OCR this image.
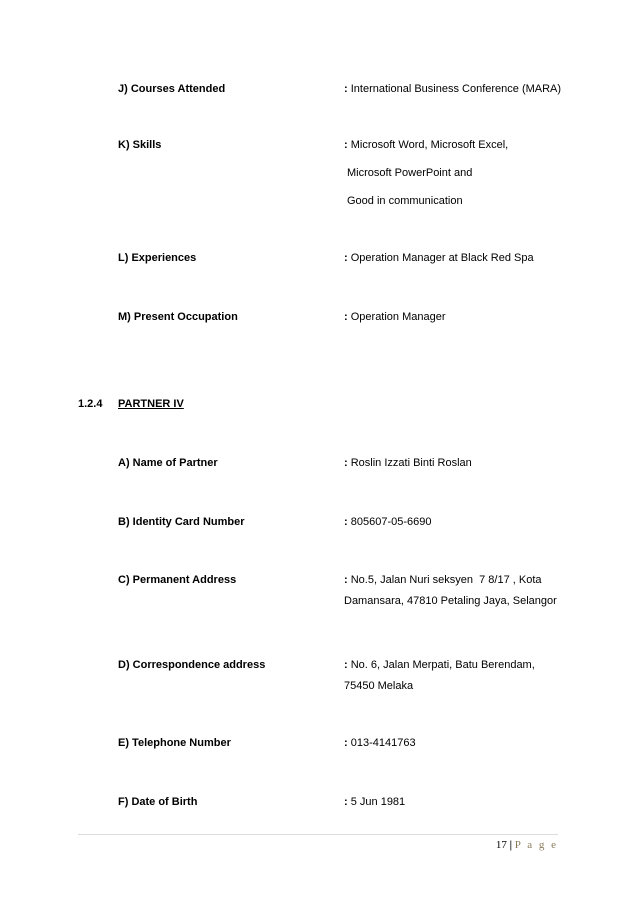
J) Courses Attended	: International Business Conference (MARA)
K) Skills	: Microsoft Word, Microsoft Excel,
Microsoft PowerPoint and
Good in communication
L) Experiences	: Operation Manager at Black Red Spa
M) Present Occupation	: Operation Manager
1.2.4 PARTNER IV
A) Name of Partner	: Roslin Izzati Binti Roslan
B) Identity Card Number	: 805607-05-6690
C) Permanent Address	: No.5, Jalan Nuri seksyen  7 8/17 , Kota
Damansara, 47810 Petaling Jaya, Selangor
D) Correspondence address	: No. 6, Jalan Merpati, Batu Berendam,
75450 Melaka
E) Telephone Number	: 013-4141763
F) Date of Birth	: 5 Jun 1981
17 | P a g e
